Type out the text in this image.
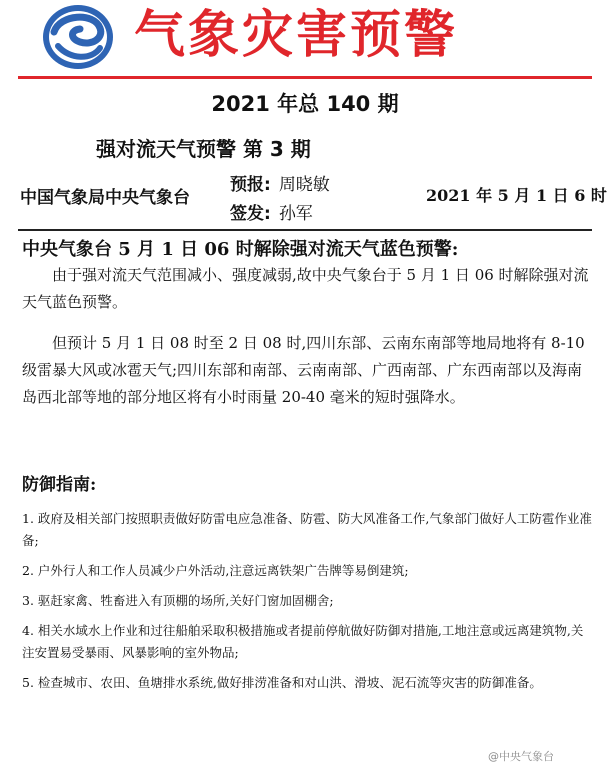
气象灾害预警
2021 年总 140 期
强对流天气预警 第 3 期
中国气象局中央气象台
预报: 周晓敏
签发: 孙军
2021 年 5 月 1 日 6 时
中央气象台 5 月 1 日 06 时解除强对流天气蓝色预警:

由于强对流天气范围减小、强度减弱,故中央气象台于 5 月 1 日 06 时解除强对流天气蓝色预警。

但预计 5 月 1 日 08 时至 2 日 08 时,四川东部、云南东南部等地局地将有 8-10 级雷暴大风或冰雹天气;四川东部和南部、云南南部、广西南部、广东西南部以及海南岛西北部等地的部分地区将有小时雨量 20-40 毫米的短时强降水。

防御指南:
1. 政府及相关部门按照职责做好防雷电应急准备、防雹、防大风准备工作,气象部门做好人工防雹作业准备;
2. 户外行人和工作人员减少户外活动,注意远离铁架广告牌等易倒建筑;
3. 驱赶家禽、牲畜进入有顶棚的场所,关好门窗加固棚舍;
4. 相关水域水上作业和过往船舶采取积极措施或者提前停航做好防御对措施,工地注意或远离建筑物,关注安置易受暴雨、风暴影响的室外物品;
5. 检查城市、农田、鱼塘排水系统,做好排涝准备和对山洪、滑坡、泥石流等灾害的防御准备。
@中央气象台
